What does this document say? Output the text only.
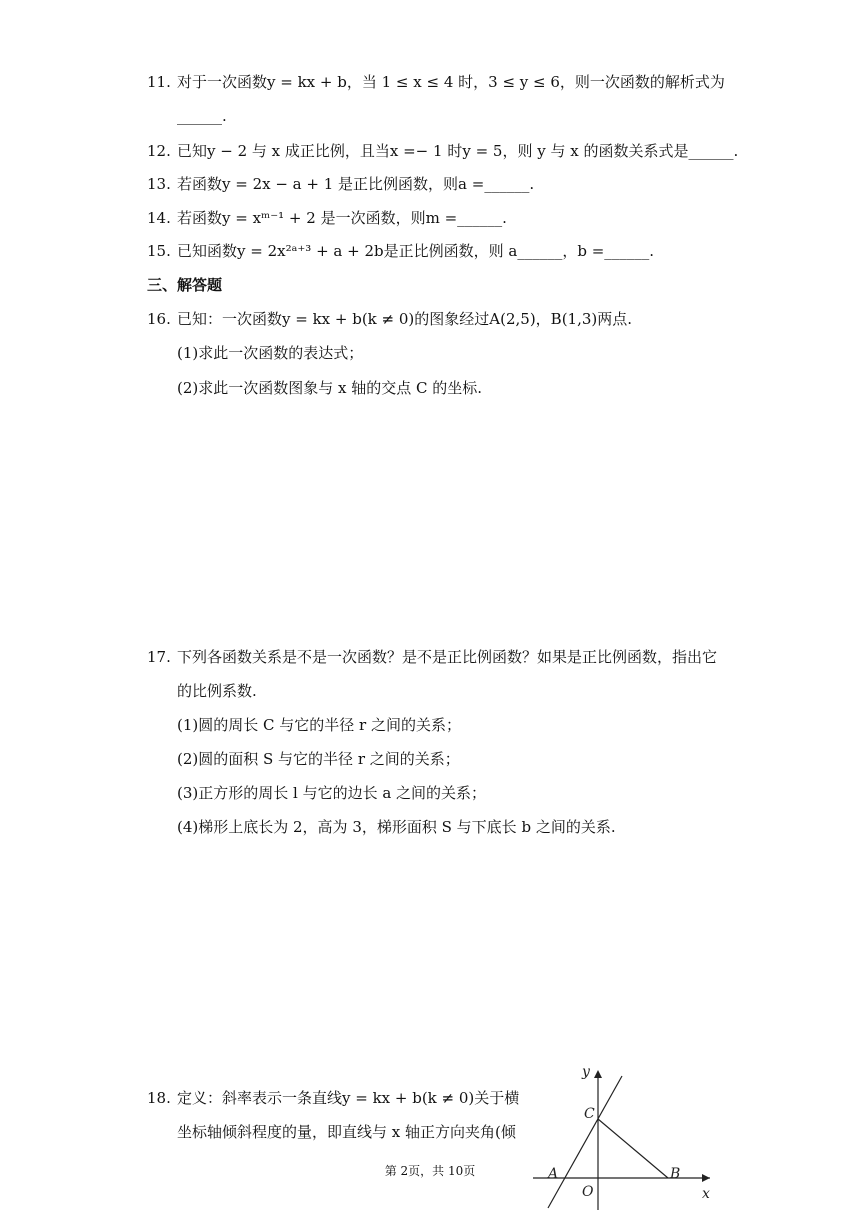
11. 对于一次函数y = kx + b，当 1 ≤ x ≤ 4 时，3 ≤ y ≤ 6，则一次函数的解析式为
______.
12. 已知y − 2 与 x 成正比例，且当x =− 1 时y = 5，则 y 与 x 的函数关系式是______.
13. 若函数y = 2x − a + 1 是正比例函数，则a =______.
14. 若函数y = xᵐ⁻¹ + 2 是一次函数，则m =______.
15. 已知函数y = 2x²ᵃ⁺³ + a + 2b是正比例函数，则 a______，b =______.
三、解答题
16. 已知：一次函数y = kx + b(k ≠ 0)的图象经过A(2,5)，B(1,3)两点.
(1)求此一次函数的表达式；
(2)求此一次函数图象与 x 轴的交点 C 的坐标.
17. 下列各函数关系是不是一次函数？是不是正比例函数？如果是正比例函数，指出它
的比例系数.
(1)圆的周长 C 与它的半径 r 之间的关系；
(2)圆的面积 S 与它的半径 r 之间的关系；
(3)正方形的周长 l 与它的边长 a 之间的关系；
(4)梯形上底长为 2，高为 3，梯形面积 S 与下底长 b 之间的关系.
18. 定义：斜率表示一条直线y = kx + b(k ≠ 0)关于横
坐标轴倾斜程度的量，即直线与 x 轴正方向夹角(倾
y
x
C
A	B
O
第 2页，共 10页
